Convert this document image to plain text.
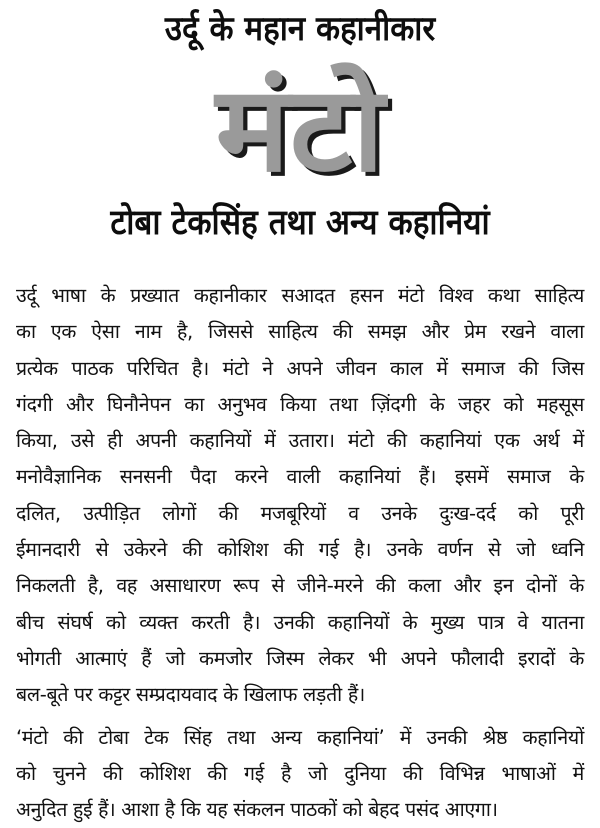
उर्दू के महान कहानीकार
मंटो
टोबा टेकसिंह तथा अन्य कहानियां
उर्दू भाषा के प्रख्यात कहानीकार सआदत हसन मंटो विश्व कथा साहित्य
का एक ऐसा नाम है, जिससे साहित्य की समझ और प्रेम रखने वाला
प्रत्येक पाठक परिचित है। मंटो ने अपने जीवन काल में समाज की जिस
गंदगी और घिनौनेपन का अनुभव किया तथा ज़िंदगी के जहर को महसूस
किया, उसे ही अपनी कहानियों में उतारा। मंटो की कहानियां एक अर्थ में
मनोवैज्ञानिक सनसनी पैदा करने वाली कहानियां हैं। इसमें समाज के
दलित, उत्पीड़ित लोगों की मजबूरियों व उनके दुःख-दर्द को पूरी
ईमानदारी से उकेरने की कोशिश की गई है। उनके वर्णन से जो ध्वनि
निकलती है, वह असाधारण रूप से जीने-मरने की कला और इन दोनों के
बीच संघर्ष को व्यक्त करती है। उनकी कहानियों के मुख्य पात्र वे यातना
भोगती आत्माएं हैं जो कमजोर जिस्म लेकर भी अपने फौलादी इरादों के
बल-बूते पर कट्टर सम्प्रदायवाद के खिलाफ लड़ती हैं।
‘मंटो की टोबा टेक सिंह तथा अन्य कहानियां’ में उनकी श्रेष्ठ कहानियों
को चुनने की कोशिश की गई है जो दुनिया की विभिन्न भाषाओं में
अनुदित हुई हैं। आशा है कि यह संकलन पाठकों को बेहद पसंद आएगा।
